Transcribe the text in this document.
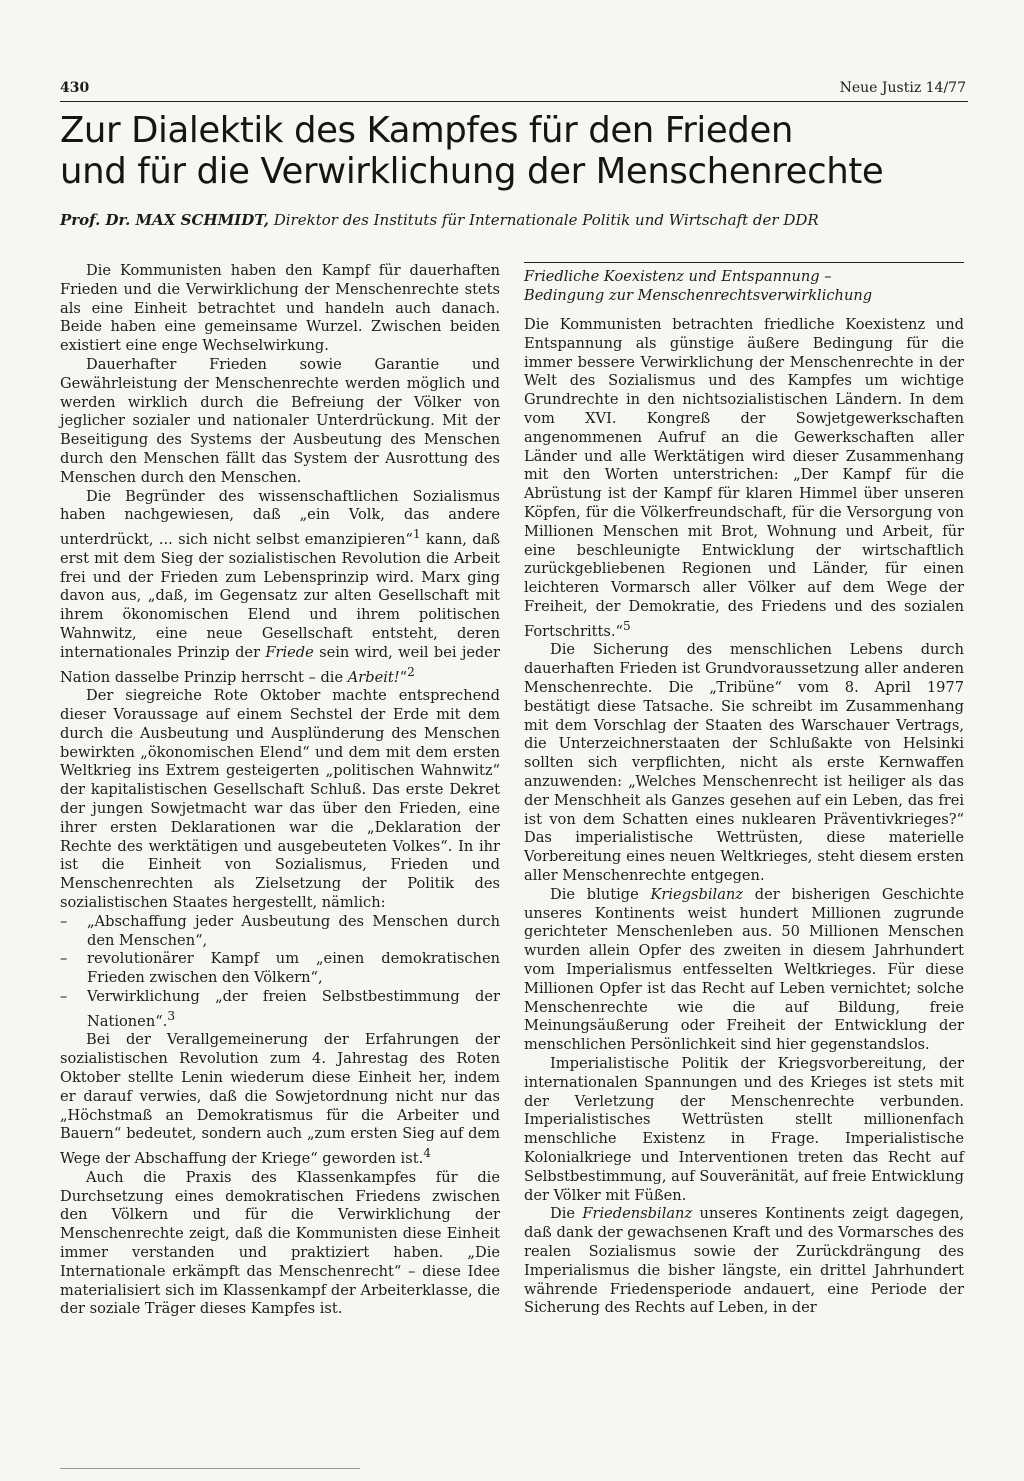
430	Neue Justiz 14/77
Zur Dialektik des Kampfes für den Frieden
und für die Verwirklichung der Menschenrechte
Prof. Dr. MAX SCHMIDT, Direktor des Instituts für Internationale Politik und Wirtschaft der DDR

Die Kommunisten haben den Kampf für dauerhaften Frieden und die Verwirklichung der Menschenrechte stets als eine Einheit betrachtet und handeln auch danach. Beide haben eine gemeinsame Wurzel. Zwischen beiden existiert eine enge Wechselwirkung.

Dauerhafter Frieden sowie Garantie und Gewährleistung der Menschenrechte werden möglich und werden wirklich durch die Befreiung der Völker von jeglicher sozialer und nationaler Unterdrückung. Mit der Beseitigung des Systems der Ausbeutung des Menschen durch den Menschen fällt das System der Ausrottung des Menschen durch den Menschen.

Die Begründer des wissenschaftlichen Sozialismus haben nachgewiesen, daß „ein Volk, das andere unterdrückt, ... sich nicht selbst emanzipieren“$^1$ kann, daß erst mit dem Sieg der sozialistischen Revolution die Arbeit frei und der Frieden zum Lebensprinzip wird. Marx ging davon aus, „daß, im Gegensatz zur alten Gesellschaft mit ihrem ökonomischen Elend und ihrem politischen Wahnwitz, eine neue Gesellschaft entsteht, deren internationales Prinzip der Friede sein wird, weil bei jeder Nation dasselbe Prinzip herrscht – die Arbeit!“$^2$

Der siegreiche Rote Oktober machte entsprechend dieser Voraussage auf einem Sechstel der Erde mit dem durch die Ausbeutung und Ausplünderung des Menschen bewirkten „ökonomischen Elend“ und dem mit dem ersten Weltkrieg ins Extrem gesteigerten „politischen Wahnwitz“ der kapitalistischen Gesellschaft Schluß. Das erste Dekret der jungen Sowjetmacht war das über den Frieden, eine ihrer ersten Deklarationen war die „Deklaration der Rechte des werktätigen und ausgebeuteten Volkes“. In ihr ist die Einheit von Sozialismus, Frieden und Menschenrechten als Zielsetzung der Politik des sozialistischen Staates hergestellt, nämlich:

– „Abschaffung jeder Ausbeutung des Menschen durch den Menschen“,
– revolutionärer Kampf um „einen demokratischen Frieden zwischen den Völkern“,
– Verwirklichung „der freien Selbstbestimmung der Nationen“.$^3$

Bei der Verallgemeinerung der Erfahrungen der sozialistischen Revolution zum 4. Jahrestag des Roten Oktober stellte Lenin wiederum diese Einheit her, indem er darauf verwies, daß die Sowjetordnung nicht nur das „Höchstmaß an Demokratismus für die Arbeiter und Bauern“ bedeutet, sondern auch „zum ersten Sieg auf dem Wege der Abschaffung der Kriege“ geworden ist.$^4$

Auch die Praxis des Klassenkampfes für die Durchsetzung eines demokratischen Friedens zwischen den Völkern und für die Verwirklichung der Menschenrechte zeigt, daß die Kommunisten diese Einheit immer verstanden und praktiziert haben. „Die Internationale erkämpft das Menschenrecht“ – diese Idee materialisiert sich im Klassenkampf der Arbeiterklasse, die der soziale Träger dieses Kampfes ist.

Friedliche Koexistenz und Entspannung –
Bedingung zur Menschenrechtsverwirklichung

Die Kommunisten betrachten friedliche Koexistenz und Entspannung als günstige äußere Bedingung für die immer bessere Verwirklichung der Menschenrechte in der Welt des Sozialismus und des Kampfes um wichtige Grundrechte in den nichtsozialistischen Ländern. In dem vom XVI. Kongreß der Sowjetgewerkschaften angenommenen Aufruf an die Gewerkschaften aller Länder und alle Werktätigen wird dieser Zusammenhang mit den Worten unterstrichen: „Der Kampf für die Abrüstung ist der Kampf für klaren Himmel über unseren Köpfen, für die Völkerfreundschaft, für die Versorgung von Millionen Menschen mit Brot, Wohnung und Arbeit, für eine beschleunigte Entwicklung der wirtschaftlich zurückgebliebenen Regionen und Länder, für einen leichteren Vormarsch aller Völker auf dem Wege der Freiheit, der Demokratie, des Friedens und des sozialen Fortschritts.“$^5$

Die Sicherung des menschlichen Lebens durch dauerhaften Frieden ist Grundvoraussetzung aller anderen Menschenrechte. Die „Tribüne“ vom 8. April 1977 bestätigt diese Tatsache. Sie schreibt im Zusammenhang mit dem Vorschlag der Staaten des Warschauer Vertrags, die Unterzeichnerstaaten der Schlußakte von Helsinki sollten sich verpflichten, nicht als erste Kernwaffen anzuwenden: „Welches Menschenrecht ist heiliger als das der Menschheit als Ganzes gesehen auf ein Leben, das frei ist von dem Schatten eines nuklearen Präventivkrieges?“ Das imperialistische Wettrüsten, diese materielle Vorbereitung eines neuen Weltkrieges, steht diesem ersten aller Menschenrechte entgegen.

Die blutige Kriegsbilanz der bisherigen Geschichte unseres Kontinents weist hundert Millionen zugrunde gerichteter Menschenleben aus. 50 Millionen Menschen wurden allein Opfer des zweiten in diesem Jahrhundert vom Imperialismus entfesselten Weltkrieges. Für diese Millionen Opfer ist das Recht auf Leben vernichtet; solche Menschenrechte wie die auf Bildung, freie Meinungsäußerung oder Freiheit der Entwicklung der menschlichen Persönlichkeit sind hier gegenstandslos.

Imperialistische Politik der Kriegsvorbereitung, der internationalen Spannungen und des Krieges ist stets mit der Verletzung der Menschenrechte verbunden. Imperialistisches Wettrüsten stellt millionenfach menschliche Existenz in Frage. Imperialistische Kolonialkriege und Interventionen treten das Recht auf Selbstbestimmung, auf Souveränität, auf freie Entwicklung der Völker mit Füßen.

Die Friedensbilanz unseres Kontinents zeigt dagegen, daß dank der gewachsenen Kraft und des Vormarsches des realen Sozialismus sowie der Zurückdrängung des Imperialismus die bisher längste, ein drittel Jahrhundert währende Friedensperiode andauert, eine Periode der Sicherung des Rechts auf Leben, in der
